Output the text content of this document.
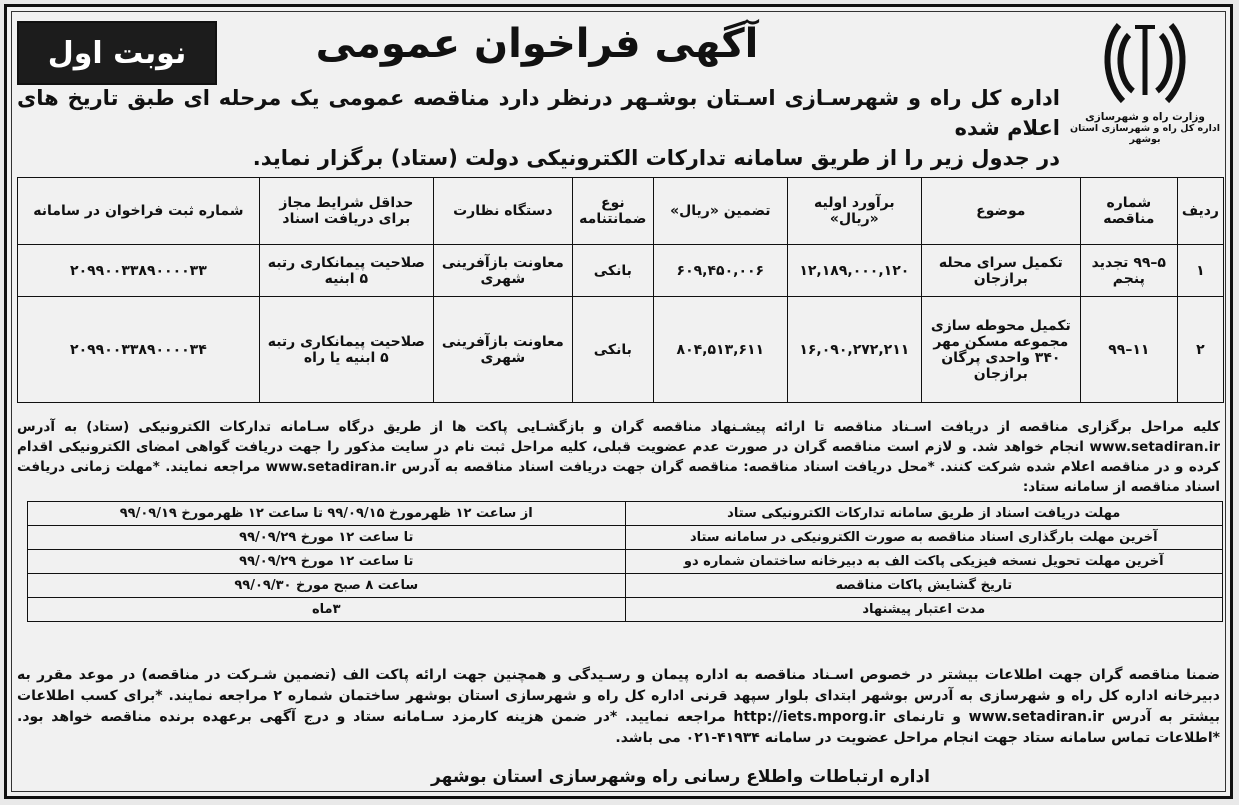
نوبت اول	آگهی فراخوان عمومی
وزارت راه و شهرسازی
اداره کل راه و شهرسازی استان بوشهر
اداره کل راه و شهرسـازی اسـتان بوشـهر درنظر دارد مناقصه عمومی یک مرحله ای طبق تاریخ های اعلام شده
در جدول زیر را از طریق سامانه تدارکات الکترونیکی دولت (ستاد) برگزار نماید.
ردیف	شماره مناقصه	موضوع	برآورد اولیه «ریال»	تضمین «ریال»	نوع ضمانتنامه	دستگاه نظارت	حداقل شرایط مجاز برای دریافت اسناد	شماره ثبت فراخوان در سامانه
۱	۵–۹۹ تجدید پنجم	تکمیل سرای محله برازجان	۱۲,۱۸۹,۰۰۰,۱۲۰	۶۰۹,۴۵۰,۰۰۶	بانکی	معاونت بازآفرینی شهری	صلاحیت پیمانکاری رتبه ۵ ابنیه	۲۰۹۹۰۰۳۳۸۹۰۰۰۰۳۳
۲	۱۱–۹۹	تکمیل محوطه سازی مجموعه مسکن مهر ۳۴۰ واحدی پرگان برازجان	۱۶,۰۹۰,۲۷۲,۲۱۱	۸۰۴,۵۱۳,۶۱۱	بانکی	معاونت بازآفرینی شهری	صلاحیت پیمانکاری رتبه ۵ ابنیه یا راه	۲۰۹۹۰۰۳۳۸۹۰۰۰۰۳۴
کلیه مراحل برگزاری مناقصه از دریافت اسـناد مناقصه تا ارائه پیشـنهاد مناقصه گران و بازگشـایی پاکت ها از طریق درگاه سـامانه تدارکات الکترونیکی (ستاد) به آدرس www.setadiran.ir انجام خواهد شد. و لازم است مناقصه گران در صورت عدم عضویت قبلی، کلیه مراحل ثبت نام در سایت مذکور را جهت دریافت گواهی امضای الکترونیکی اقدام کرده و در مناقصه اعلام شده شرکت کنند. *محل دریافت اسناد مناقصه: مناقصه گران جهت دریافت اسناد مناقصه به آدرس www.setadiran.ir مراجعه نمایند. *مهلت زمانی دریافت اسناد مناقصه از سامانه ستاد:
مهلت دریافت اسناد از طریق سامانه تدارکات الکترونیکی ستاد	از ساعت ۱۲ ظهرمورخ ۹۹/۰۹/۱۵ تا ساعت ۱۲ ظهرمورخ ۹۹/۰۹/۱۹
آخرین مهلت بارگذاری اسناد مناقصه به صورت الکترونیکی در سامانه ستاد	تا ساعت ۱۲ مورخ ۹۹/۰۹/۲۹
آخرین مهلت تحویل نسخه فیزیکی پاکت الف به دبیرخانه ساختمان شماره دو	تا ساعت ۱۲ مورخ ۹۹/۰۹/۲۹
تاریخ گشایش پاکات مناقصه	ساعت ۸ صبح مورخ ۹۹/۰۹/۳۰
مدت اعتبار پیشنهاد	۳ماه
ضمنا مناقصه گران جهت اطلاعات بیشتر در خصوص اسـناد مناقصه به اداره پیمان و رسـیدگی و همچنین جهت ارائه پاکت الف (تضمین شـرکت در مناقصه) در موعد مقرر به دبیرخانه اداره کل راه و شهرسازی به آدرس بوشهر ابتدای بلوار سپهد قرنی اداره کل راه و شهرسازی استان بوشهر ساختمان شماره ۲ مراجعه نمایند. *برای کسب اطلاعات بیشتر به آدرس www.setadiran.ir و تارنمای http://iets.mporg.ir مراجعه نمایید. *در ضمن هزینه کارمزد سـامانه ستاد و درج آگهی برعهده برنده مناقصه خواهد بود. *اطلاعات تماس سامانه ستاد جهت انجام مراحل عضویت در سامانه ۴۱۹۳۴-۰۲۱ می باشد.
اداره ارتباطات واطلاع رسانی راه وشهرسازی استان بوشهر
